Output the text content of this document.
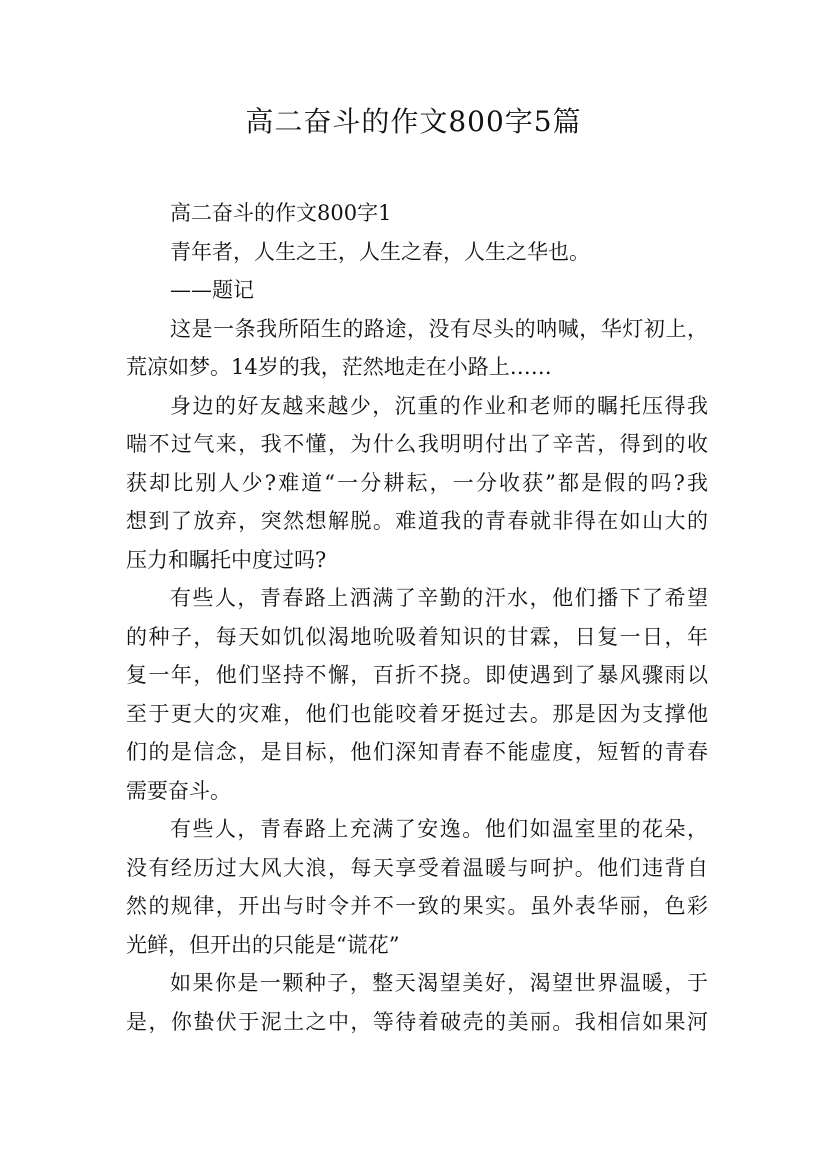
高二奋斗的作文800字5篇
高二奋斗的作文800字1
青年者，人生之王，人生之春，人生之华也。
——题记
这是一条我所陌生的路途，没有尽头的呐喊，华灯初上，
荒凉如梦。14岁的我，茫然地走在小路上……
身边的好友越来越少，沉重的作业和老师的瞩托压得我
喘不过气来，我不懂，为什么我明明付出了辛苦，得到的收
获却比别人少?难道“一分耕耘，一分收获”都是假的吗?我
想到了放弃，突然想解脱。难道我的青春就非得在如山大的
压力和瞩托中度过吗?
有些人，青春路上洒满了辛勤的汗水，他们播下了希望
的种子，每天如饥似渴地吮吸着知识的甘霖，日复一日，年
复一年，他们坚持不懈，百折不挠。即使遇到了暴风骤雨以
至于更大的灾难，他们也能咬着牙挺过去。那是因为支撑他
们的是信念，是目标，他们深知青春不能虚度，短暂的青春
需要奋斗。
有些人，青春路上充满了安逸。他们如温室里的花朵，
没有经历过大风大浪，每天享受着温暖与呵护。他们违背自
然的规律，开出与时令并不一致的果实。虽外表华丽，色彩
光鲜，但开出的只能是“谎花”
如果你是一颗种子，整天渴望美好，渴望世界温暖，于
是，你蛰伏于泥土之中，等待着破壳的美丽。我相信如果河
